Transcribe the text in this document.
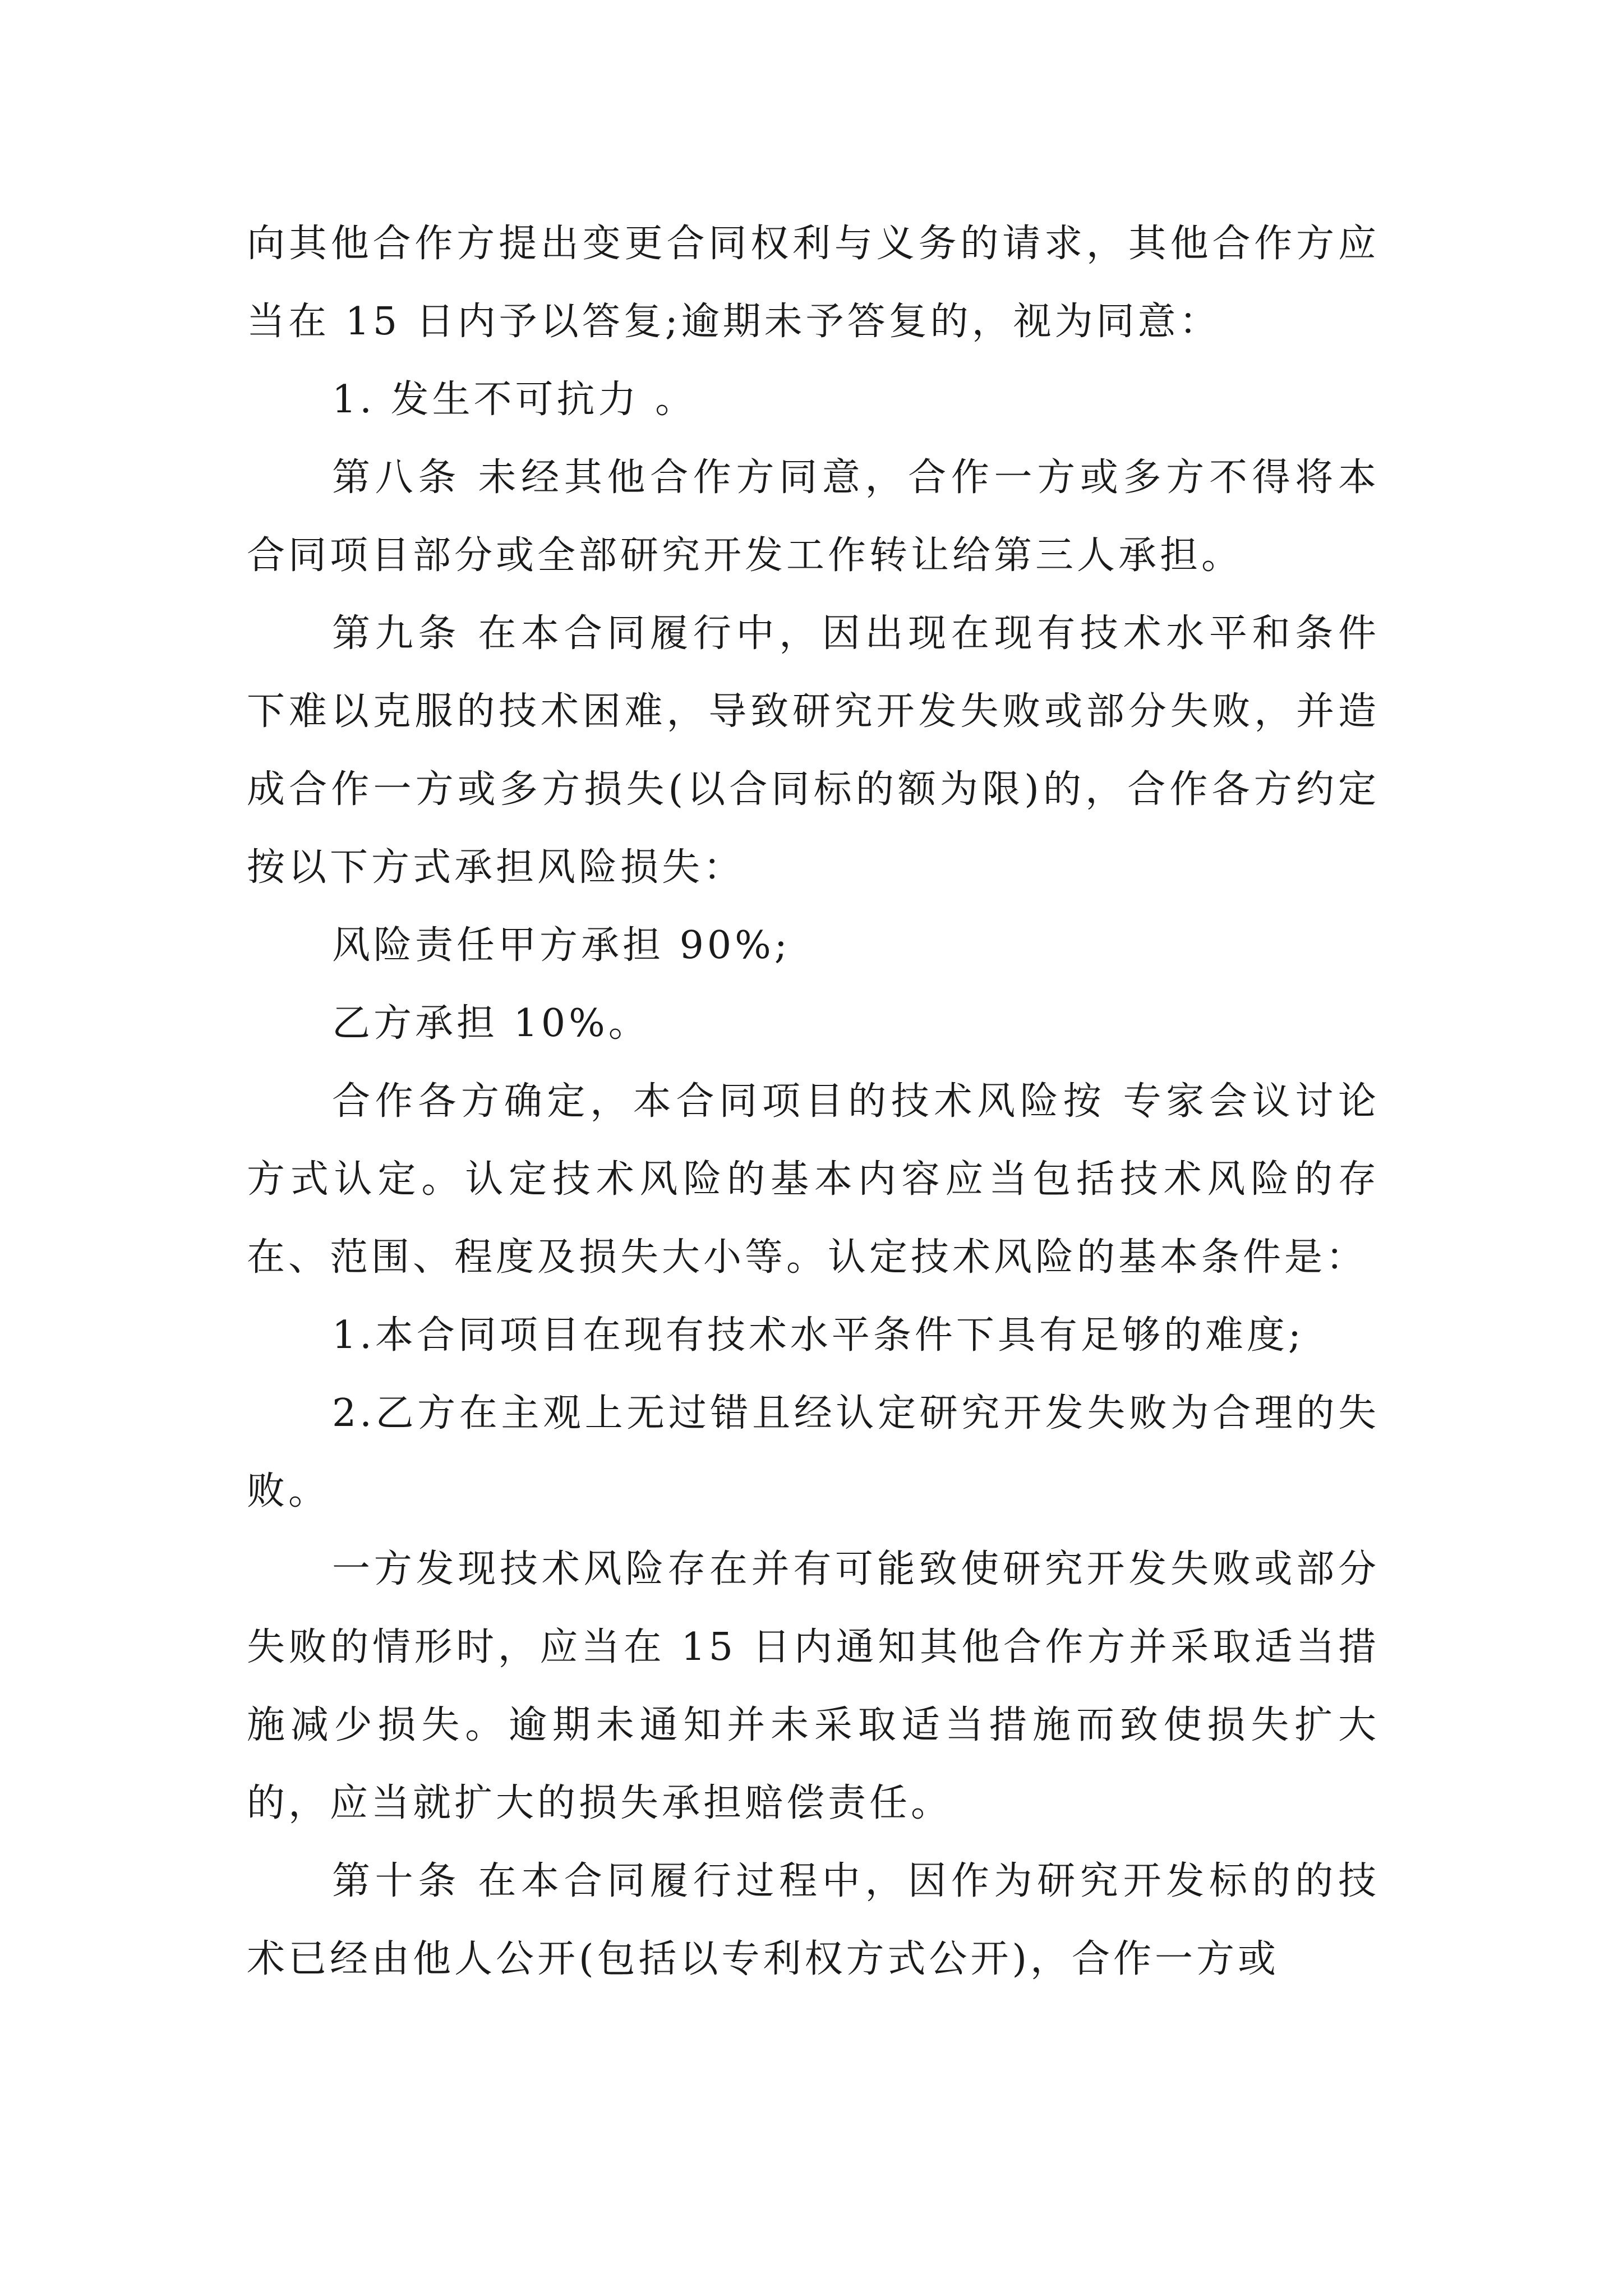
向其他合作方提出变更合同权利与义务的请求，其他合作方应当在 15 日内予以答复;逾期未予答复的，视为同意：

1. 发生不可抗力 。

第八条 未经其他合作方同意，合作一方或多方不得将本合同项目部分或全部研究开发工作转让给第三人承担。

第九条 在本合同履行中，因出现在现有技术水平和条件下难以克服的技术困难，导致研究开发失败或部分失败，并造成合作一方或多方损失(以合同标的额为限)的，合作各方约定按以下方式承担风险损失：

风险责任甲方承担 90%;

乙方承担 10%。

合作各方确定，本合同项目的技术风险按 专家会议讨论 方式认定。认定技术风险的基本内容应当包括技术风险的存在、范围、程度及损失大小等。认定技术风险的基本条件是：

1.本合同项目在现有技术水平条件下具有足够的难度;

2.乙方在主观上无过错且经认定研究开发失败为合理的失败。

一方发现技术风险存在并有可能致使研究开发失败或部分失败的情形时，应当在 15 日内通知其他合作方并采取适当措施减少损失。逾期未通知并未采取适当措施而致使损失扩大的，应当就扩大的损失承担赔偿责任。

第十条 在本合同履行过程中，因作为研究开发标的的技术已经由他人公开(包括以专利权方式公开)，合作一方或
